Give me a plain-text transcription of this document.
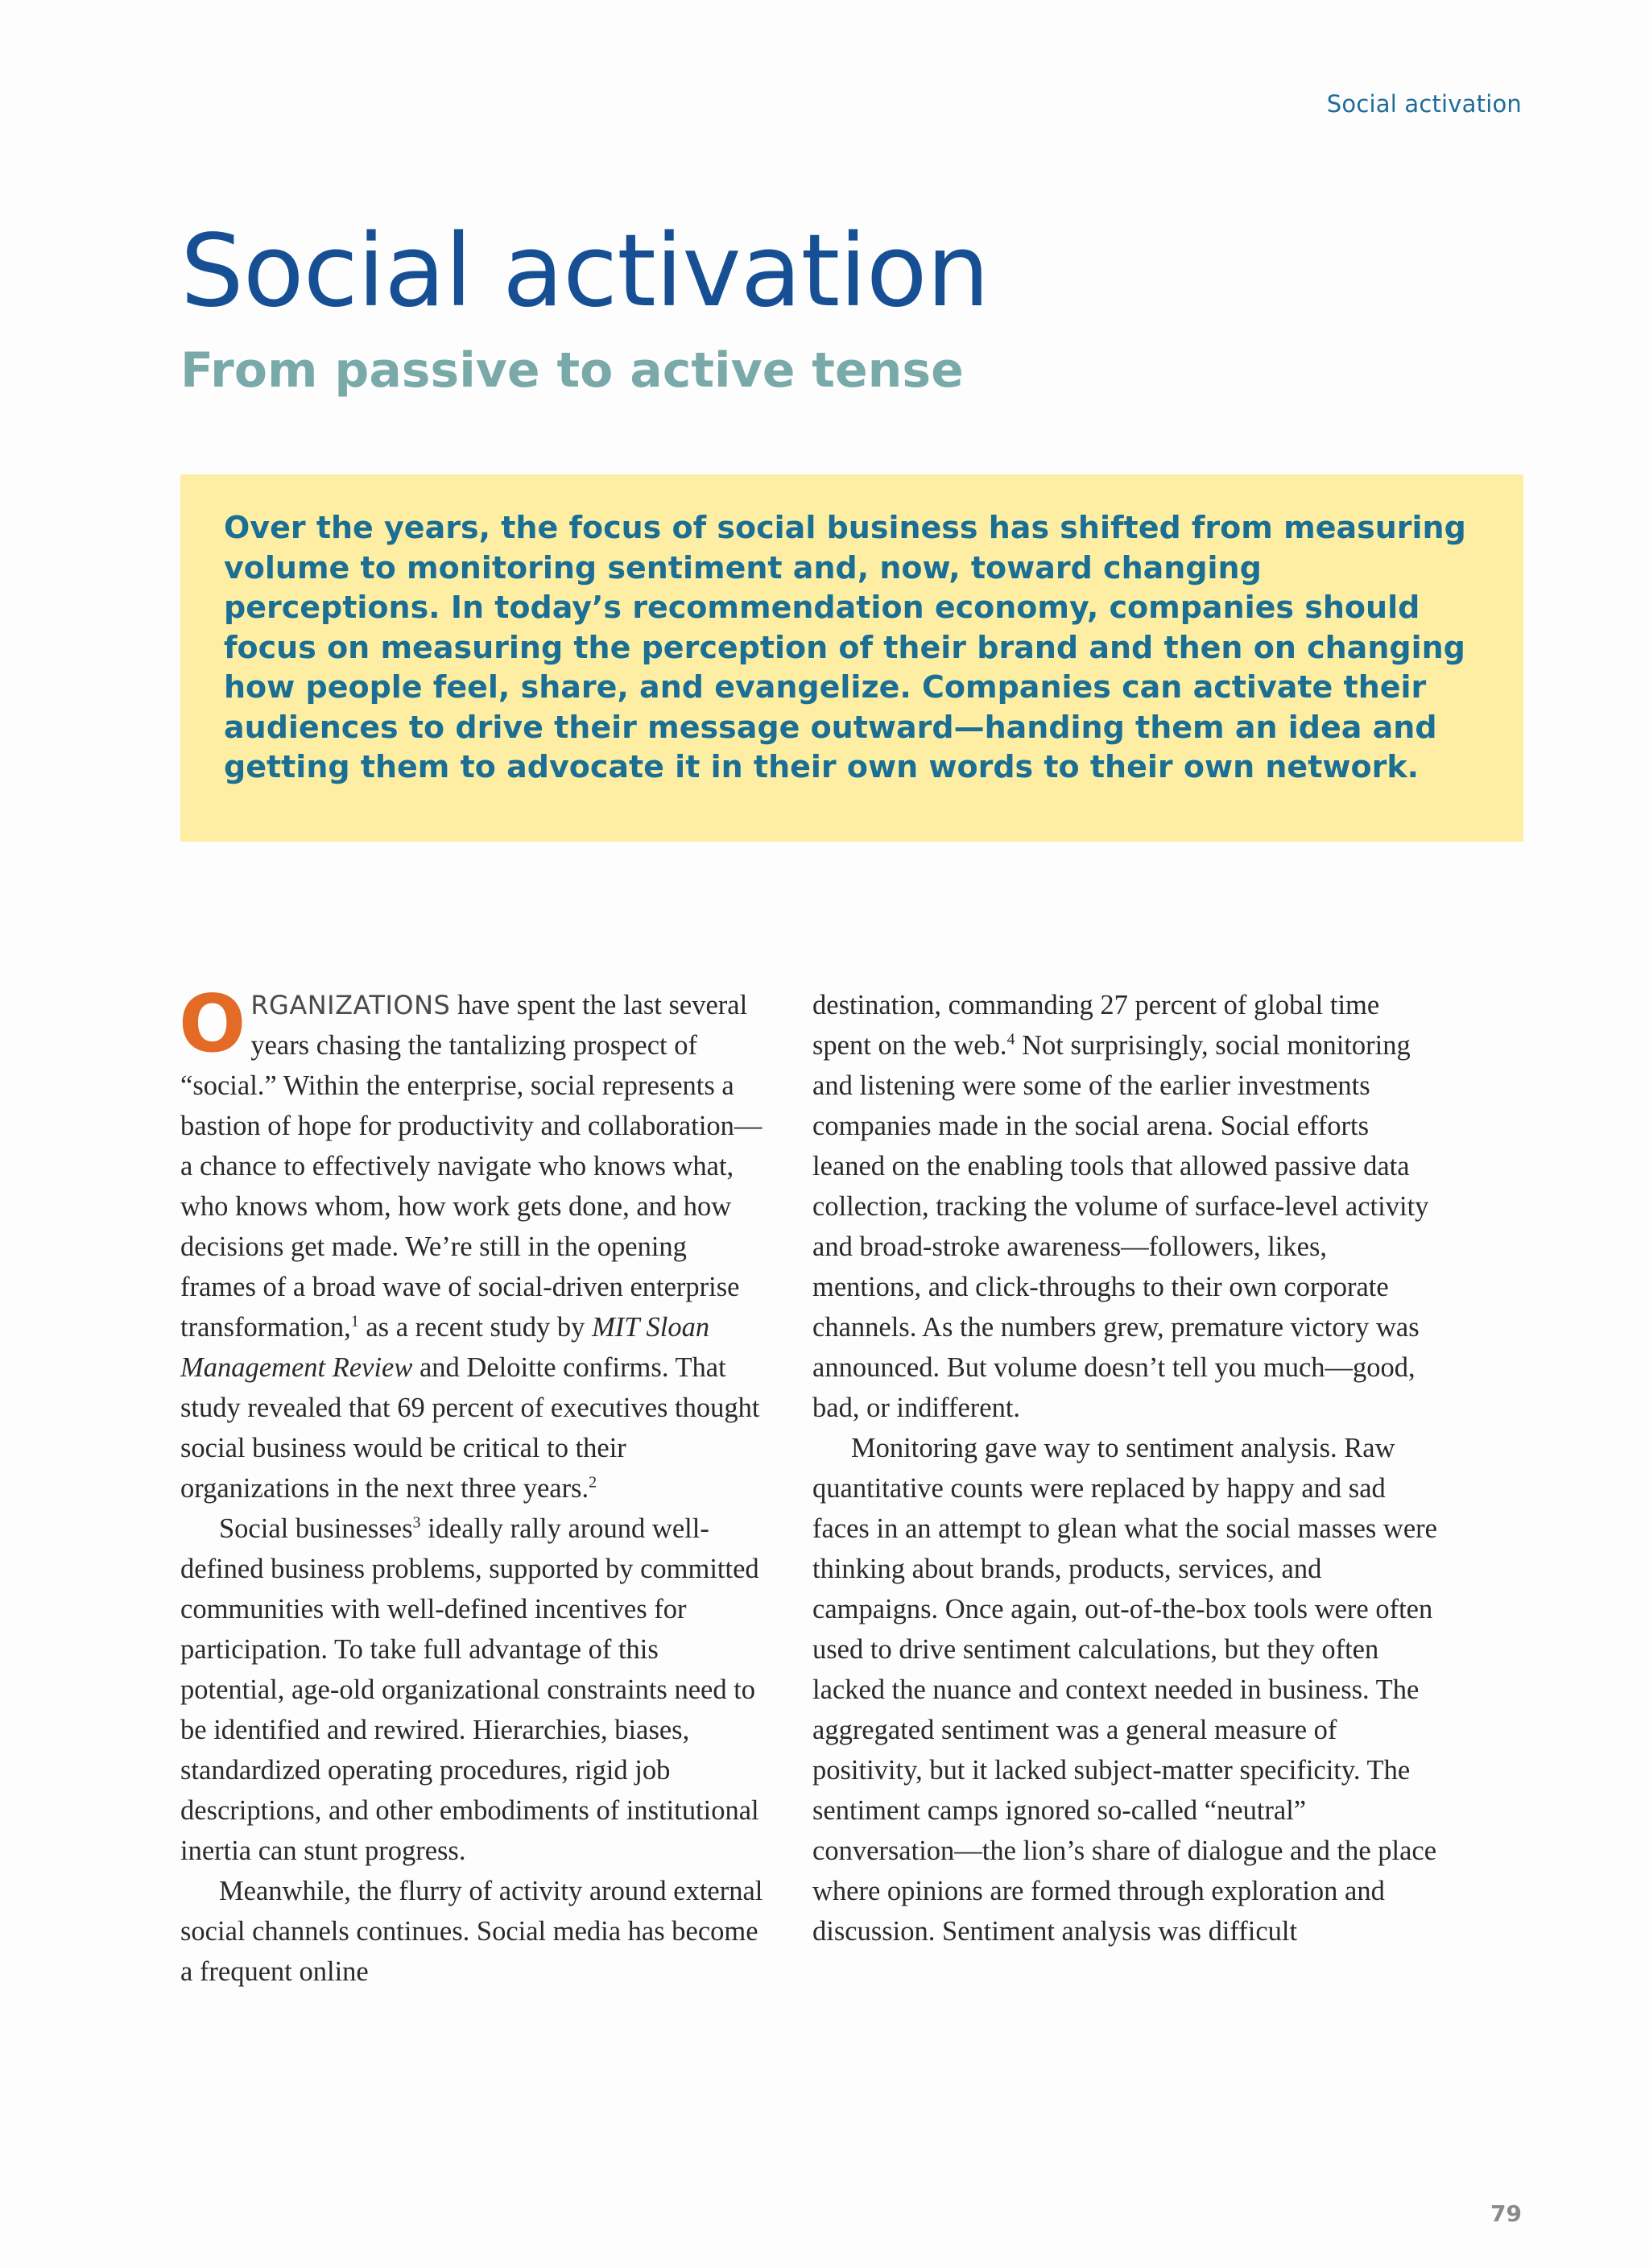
Social activation
Social activation
From passive to active tense

Over the years, the focus of social business has shifted from measuring volume to monitoring sentiment and, now, toward changing perceptions. In today’s recommendation economy, companies should focus on measuring the perception of their brand and then on changing how people feel, share, and evangelize. Companies can activate their audiences to drive their message outward—handing them an idea and getting them to advocate it in their own words to their own network.

ORGANIZATIONS have spent the last several years chasing the tantalizing prospect of “social.” Within the enterprise, social represents a bastion of hope for productivity and collaboration—a chance to effectively navigate who knows what, who knows whom, how work gets done, and how decisions get made. We’re still in the opening frames of a broad wave of social-driven enterprise transformation,$^1$ as a recent study by MIT Sloan Management Review and Deloitte confirms. That study revealed that 69 percent of executives thought social business would be critical to their organizations in the next three years.$^2$

Social businesses$^3$ ideally rally around well-defined business problems, supported by committed communities with well-defined incentives for participation. To take full advantage of this potential, age-old organizational constraints need to be identified and rewired. Hierarchies, biases, standardized operating procedures, rigid job descriptions, and other embodiments of institutional inertia can stunt progress.

Meanwhile, the flurry of activity around external social channels continues. Social media has become a frequent online

destination, commanding 27 percent of global time spent on the web.$^4$ Not surprisingly, social monitoring and listening were some of the earlier investments companies made in the social arena. Social efforts leaned on the enabling tools that allowed passive data collection, tracking the volume of surface-level activity and broad-stroke awareness—followers, likes, mentions, and click-throughs to their own corporate channels. As the numbers grew, premature victory was announced. But volume doesn’t tell you much—good, bad, or indifferent.

Monitoring gave way to sentiment analysis. Raw quantitative counts were replaced by happy and sad faces in an attempt to glean what the social masses were thinking about brands, products, services, and campaigns. Once again, out-of-the-box tools were often used to drive sentiment calculations, but they often lacked the nuance and context needed in business. The aggregated sentiment was a general measure of positivity, but it lacked subject-matter specificity. The sentiment camps ignored so-called “neutral” conversation—the lion’s share of dialogue and the place where opinions are formed through exploration and discussion. Sentiment analysis was difficult

79
